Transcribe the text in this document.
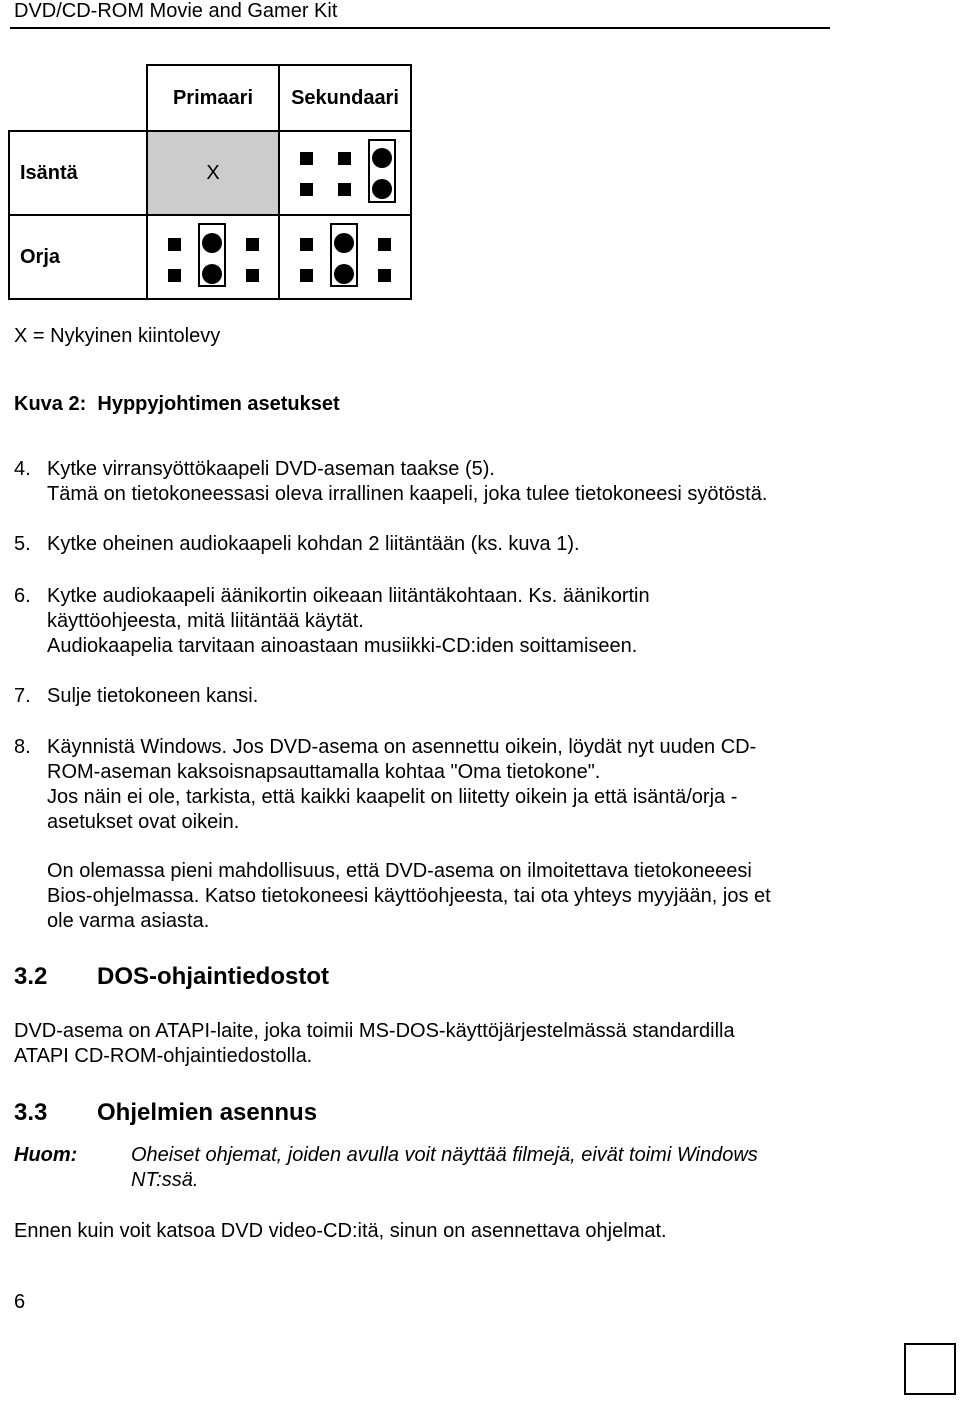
DVD/CD-ROM Movie and Gamer Kit
	Primaari	Sekundaari
Isäntä	X	

Orja	

X = Nykyinen kiintolevy
Kuva 2: Hyppyjohtimen asetukset
4. Kytke virransyöttökaapeli DVD-aseman taakse (5).
Tämä on tietokoneessasi oleva irrallinen kaapeli, joka tulee tietokoneesi syötöstä.
5. Kytke oheinen audiokaapeli kohdan 2 liitäntään (ks. kuva 1).
6. Kytke audiokaapeli äänikortin oikeaan liitäntäkohtaan. Ks. äänikortin
käyttöohjeesta, mitä liitäntää käytät.
Audiokaapelia tarvitaan ainoastaan musiikki-CD:iden soittamiseen.
7. Sulje tietokoneen kansi.
8. Käynnistä Windows. Jos DVD-asema on asennettu oikein, löydät nyt uuden CD-
ROM-aseman kaksoisnapsauttamalla kohtaa "Oma tietokone".
Jos näin ei ole, tarkista, että kaikki kaapelit on liitetty oikein ja että isäntä/orja -
asetukset ovat oikein.
On olemassa pieni mahdollisuus, että DVD-asema on ilmoitettava tietokoneeesi
Bios-ohjelmassa. Katso tietokoneesi käyttöohjeesta, tai ota yhteys myyjään, jos et
ole varma asiasta.
3.2 DOS-ohjaintiedostot
DVD-asema on ATAPI-laite, joka toimii MS-DOS-käyttöjärjestelmässä standardilla
ATAPI CD-ROM-ohjaintiedostolla.
3.3 Ohjelmien asennus
Huom:	Oheiset ohjemat, joiden avulla voit näyttää filmejä, eivät toimi Windows
NT:ssä.
Ennen kuin voit katsoa DVD video-CD:itä, sinun on asennettava ohjelmat.
6
